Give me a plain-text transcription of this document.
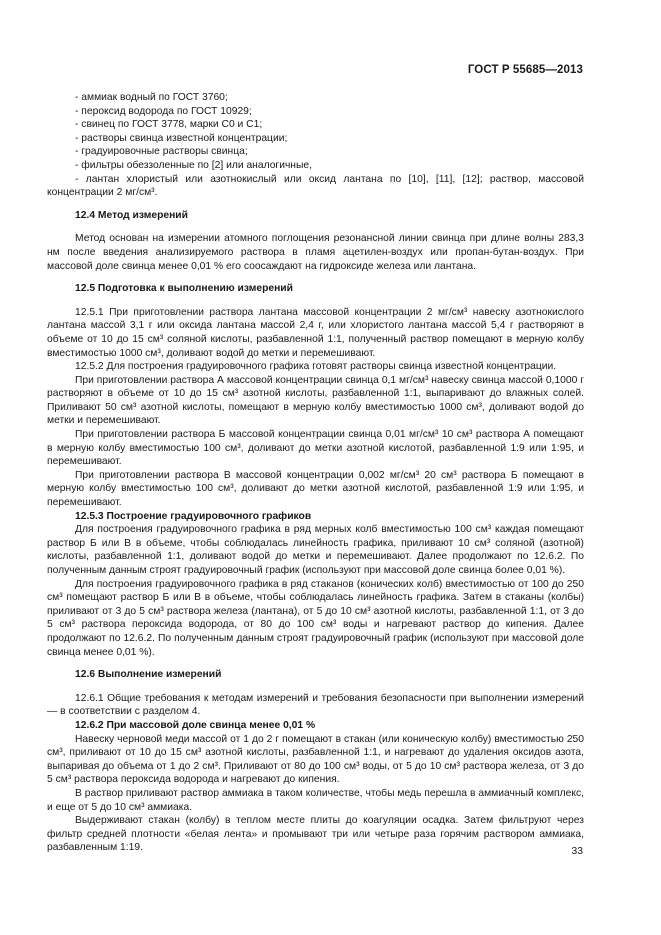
ГОСТ Р 55685—2013

- аммиак водный по ГОСТ 3760;

- пероксид водорода по ГОСТ 10929;

- свинец по ГОСТ 3778, марки С0 и С1;

- растворы свинца известной концентрации;

- градуировочные растворы свинца;

- фильтры обеззоленные по [2] или аналогичные,

- лантан хлористый или азотнокислый или оксид лантана по [10], [11], [12]; раствор, массовой концентрации 2 мг/см³.

12.4 Метод измерений

Метод основан на измерении атомного поглощения резонансной линии свинца при длине волны 283,3 нм после введения анализируемого раствора в пламя ацетилен-воздух или пропан-бутан-воздух. При массовой доле свинца менее 0,01 % его соосаждают на гидроксиде железа или лантана.

12.5 Подготовка к выполнению измерений

12.5.1 При приготовлении раствора лантана массовой концентрации 2 мг/см³ навеску азотнокислого лантана массой 3,1 г или оксида лантана массой 2,4 г, или хлористого лантана массой 5,4 г растворяют в объеме от 10 до 15 см³ соляной кислоты, разбавленной 1:1, полученный раствор помещают в мерную колбу вместимостью 1000 см³, доливают водой до метки и перемешивают.

12.5.2 Для построения градуировочного графика готовят растворы свинца известной концентрации.

При приготовлении раствора А массовой концентрации свинца 0,1 мг/см³ навеску свинца массой 0,1000 г растворяют в объеме от 10 до 15 см³ азотной кислоты, разбавленной 1:1, выпаривают до влажных солей. Приливают 50 см³ азотной кислоты, помещают в мерную колбу вместимостью 1000 см³, доливают водой до метки и перемешивают.

При приготовлении раствора Б массовой концентрации свинца 0,01 мг/см³ 10 см³ раствора А помещают в мерную колбу вместимостью 100 см³, доливают до метки азотной кислотой, разбавленной 1:9 или 1:95, и перемешивают.

При приготовлении раствора В массовой концентрации 0,002 мг/см³ 20 см³ раствора Б помещают в мерную колбу вместимостью 100 см³, доливают до метки азотной кислотой, разбавленной 1:9 или 1:95, и перемешивают.

12.5.3 Построение градуировочного графиков

Для построения градуировочного графика в ряд мерных колб вместимостью 100 см³ каждая помещают раствор Б или В в объеме, чтобы соблюдалась линейность графика, приливают 10 см³ соляной (азотной) кислоты, разбавленной 1:1, доливают водой до метки и перемешивают. Далее продолжают по 12.6.2. По полученным данным строят градуировочный график (используют при массовой доле свинца более 0,01 %).

Для построения градуировочного графика в ряд стаканов (конических колб) вместимостью от 100 до 250 см³ помещают раствор Б или В в объеме, чтобы соблюдалась линейность графика. Затем в стаканы (колбы) приливают от 3 до 5 см³ раствора железа (лантана), от 5 до 10 см³ азотной кислоты, разбавленной 1:1, от 3 до 5 см³ раствора пероксида водорода, от 80 до 100 см³ воды и нагревают раствор до кипения. Далее продолжают по 12.6.2. По полученным данным строят градуировочный график (используют при массовой доле свинца менее 0,01 %).

12.6 Выполнение измерений

12.6.1 Общие требования к методам измерений и требования безопасности при выполнении измерений — в соответствии с разделом 4.

12.6.2 При массовой доле свинца менее 0,01 %

Навеску черновой меди массой от 1 до 2 г помещают в стакан (или коническую колбу) вместимостью 250 см³, приливают от 10 до 15 см³ азотной кислоты, разбавленной 1:1, и нагревают до удаления оксидов азота, выпаривая до объема от 1 до 2 см³. Приливают от 80 до 100 см³ воды, от 5 до 10 см³ раствора железа, от 3 до 5 см³ раствора пероксида водорода и нагревают до кипения.

В раствор приливают раствор аммиака в таком количестве, чтобы медь перешла в аммиачный комплекс, и еще от 5 до 10 см³ аммиака.

Выдерживают стакан (колбу) в теплом месте плиты до коагуляции осадка. Затем фильтруют через фильтр средней плотности «белая лента» и промывают три или четыре раза горячим раствором аммиака, разбавленным 1:19.	33
